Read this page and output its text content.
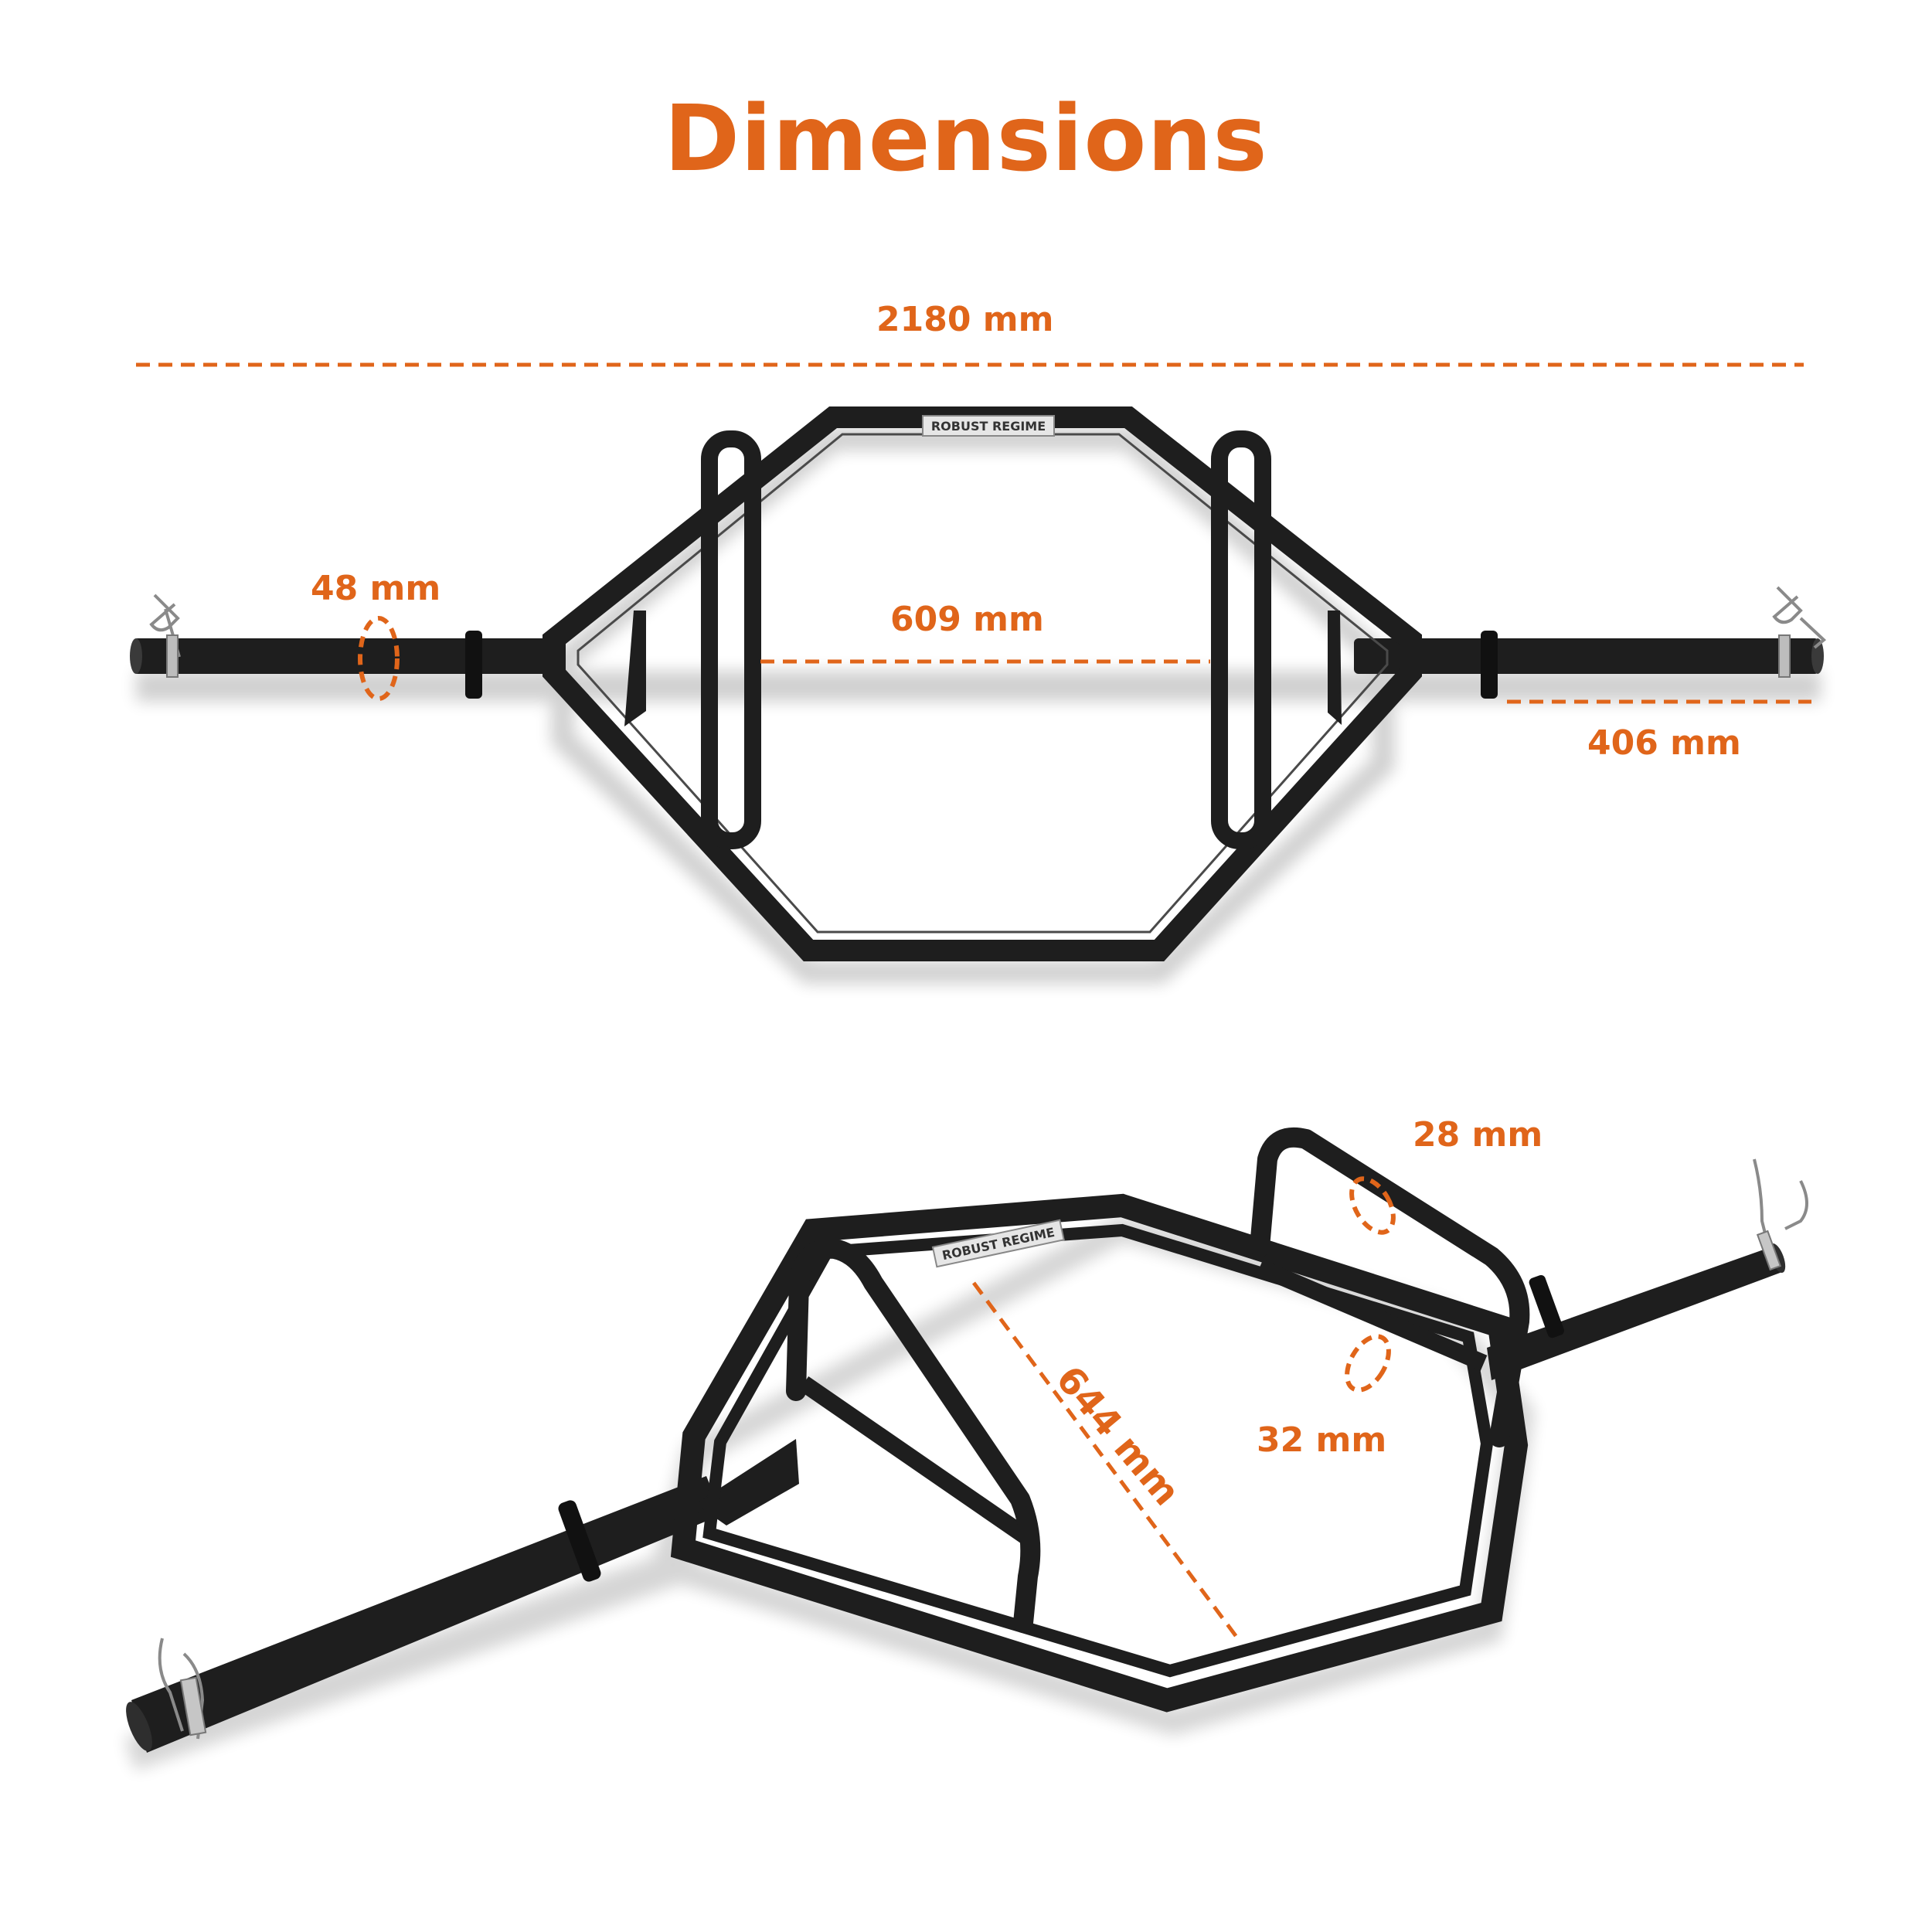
Dimensions
2180 mm
48 mm
609 mm
406 mm
28 mm
32 mm
644 mm
ROBUST REGIME
ROBUST REGIME
